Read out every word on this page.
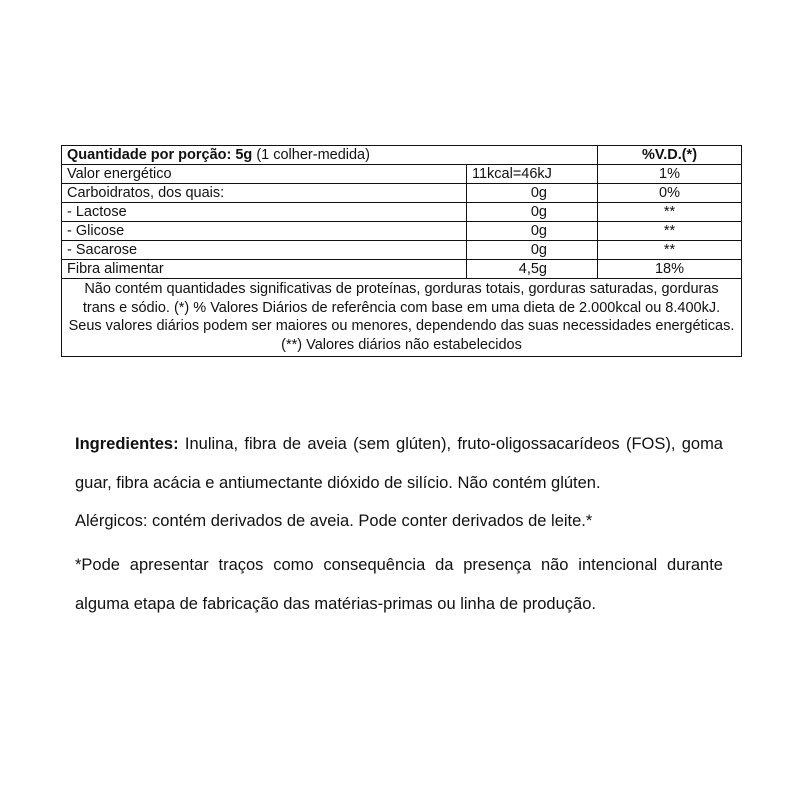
Quantidade por porção: 5g (1 colher-medida)		%V.D.(*)
Valor energético	11kcal=46kJ	1%
Carboidratos, dos quais:	0g	0%
- Lactose	0g	**
- Glicose	0g	**
- Sacarose	0g	**
Fibra alimentar	4,5g	18%
Não contém quantidades significativas de proteínas, gorduras totais, gorduras saturadas, gorduras trans e sódio. (*) % Valores Diários de referência com base em uma dieta de 2.000kcal ou 8.400kJ. Seus valores diários podem ser maiores ou menores, dependendo das suas necessidades energéticas. (**) Valores diários não estabelecidos		

Ingredientes: Inulina, fibra de aveia (sem glúten), fruto-oligossacarídeos (FOS), goma guar, fibra acácia e antiumectante dióxido de silício. Não contém glúten.

Alérgicos: contém derivados de aveia. Pode conter derivados de leite.*

*Pode apresentar traços como consequência da presença não intencional durante alguma etapa de fabricação das matérias-primas ou linha de produção.
